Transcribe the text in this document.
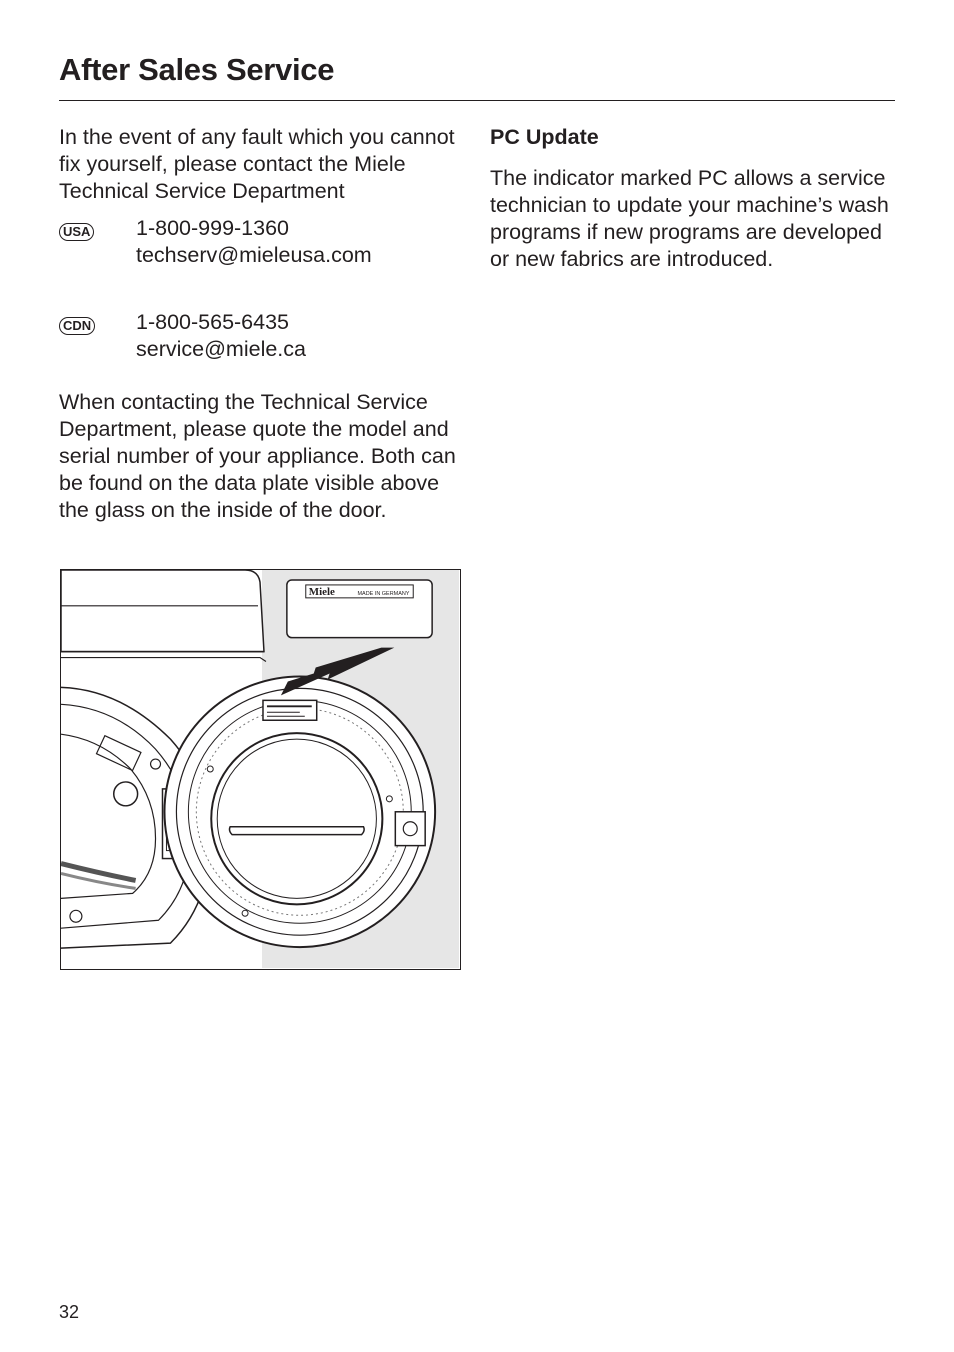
After Sales Service

In the event of any fault which you cannot fix yourself, please contact the Miele Technical Service Department

USA 1-800-999-1360
techserv@mieleusa.com
CDN 1-800-565-6435
service@miele.ca

When contacting the Technical Service Department, please quote the model and serial number of your appliance. Both can be found on the data plate visible above the glass on the inside of the door.

PC Update

The indicator marked PC allows a service technician to update your machine’s wash programs if new programs are developed or new fabrics are introduced.

Miele	MADE IN GERMANY
32
